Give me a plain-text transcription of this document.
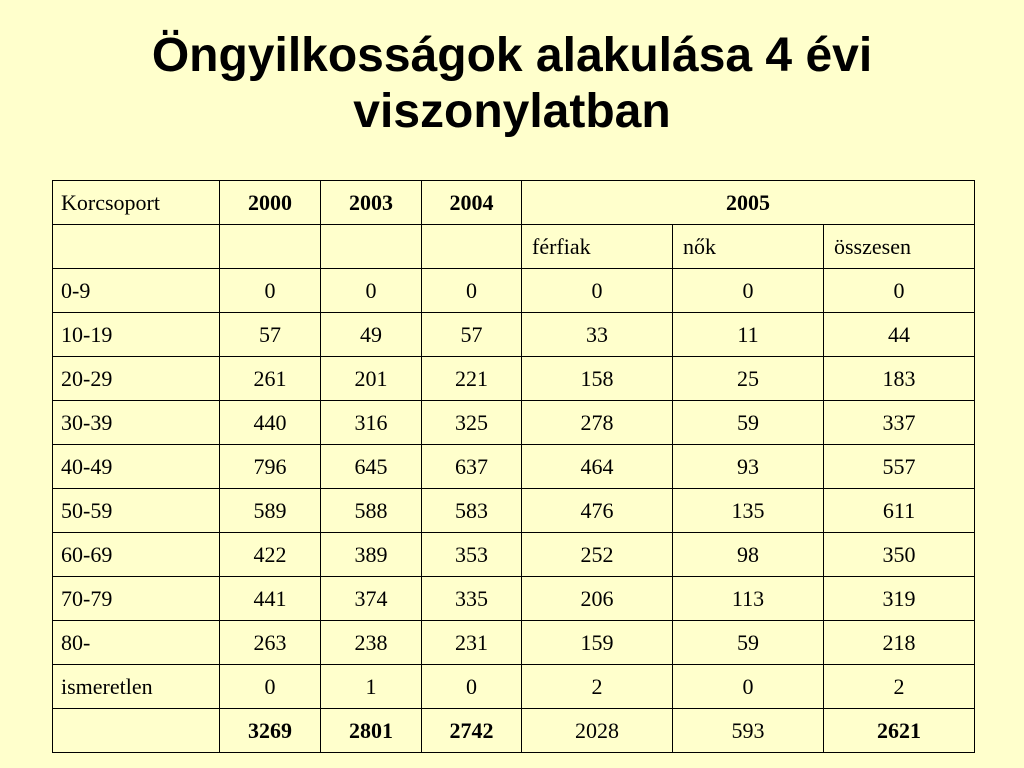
Öngyilkosságok alakulása 4 évi
viszonylatban
Korcsoport	2000	2003	2004	2005		
				férfiak	nők	összesen
0-9	0	0	0	0	0	0
10-19	57	49	57	33	11	44
20-29	261	201	221	158	25	183
30-39	440	316	325	278	59	337
40-49	796	645	637	464	93	557
50-59	589	588	583	476	135	611
60-69	422	389	353	252	98	350
70-79	441	374	335	206	113	319
80-	263	238	231	159	59	218
ismeretlen	0	1	0	2	0	2
	3269	2801	2742	2028	593	2621
